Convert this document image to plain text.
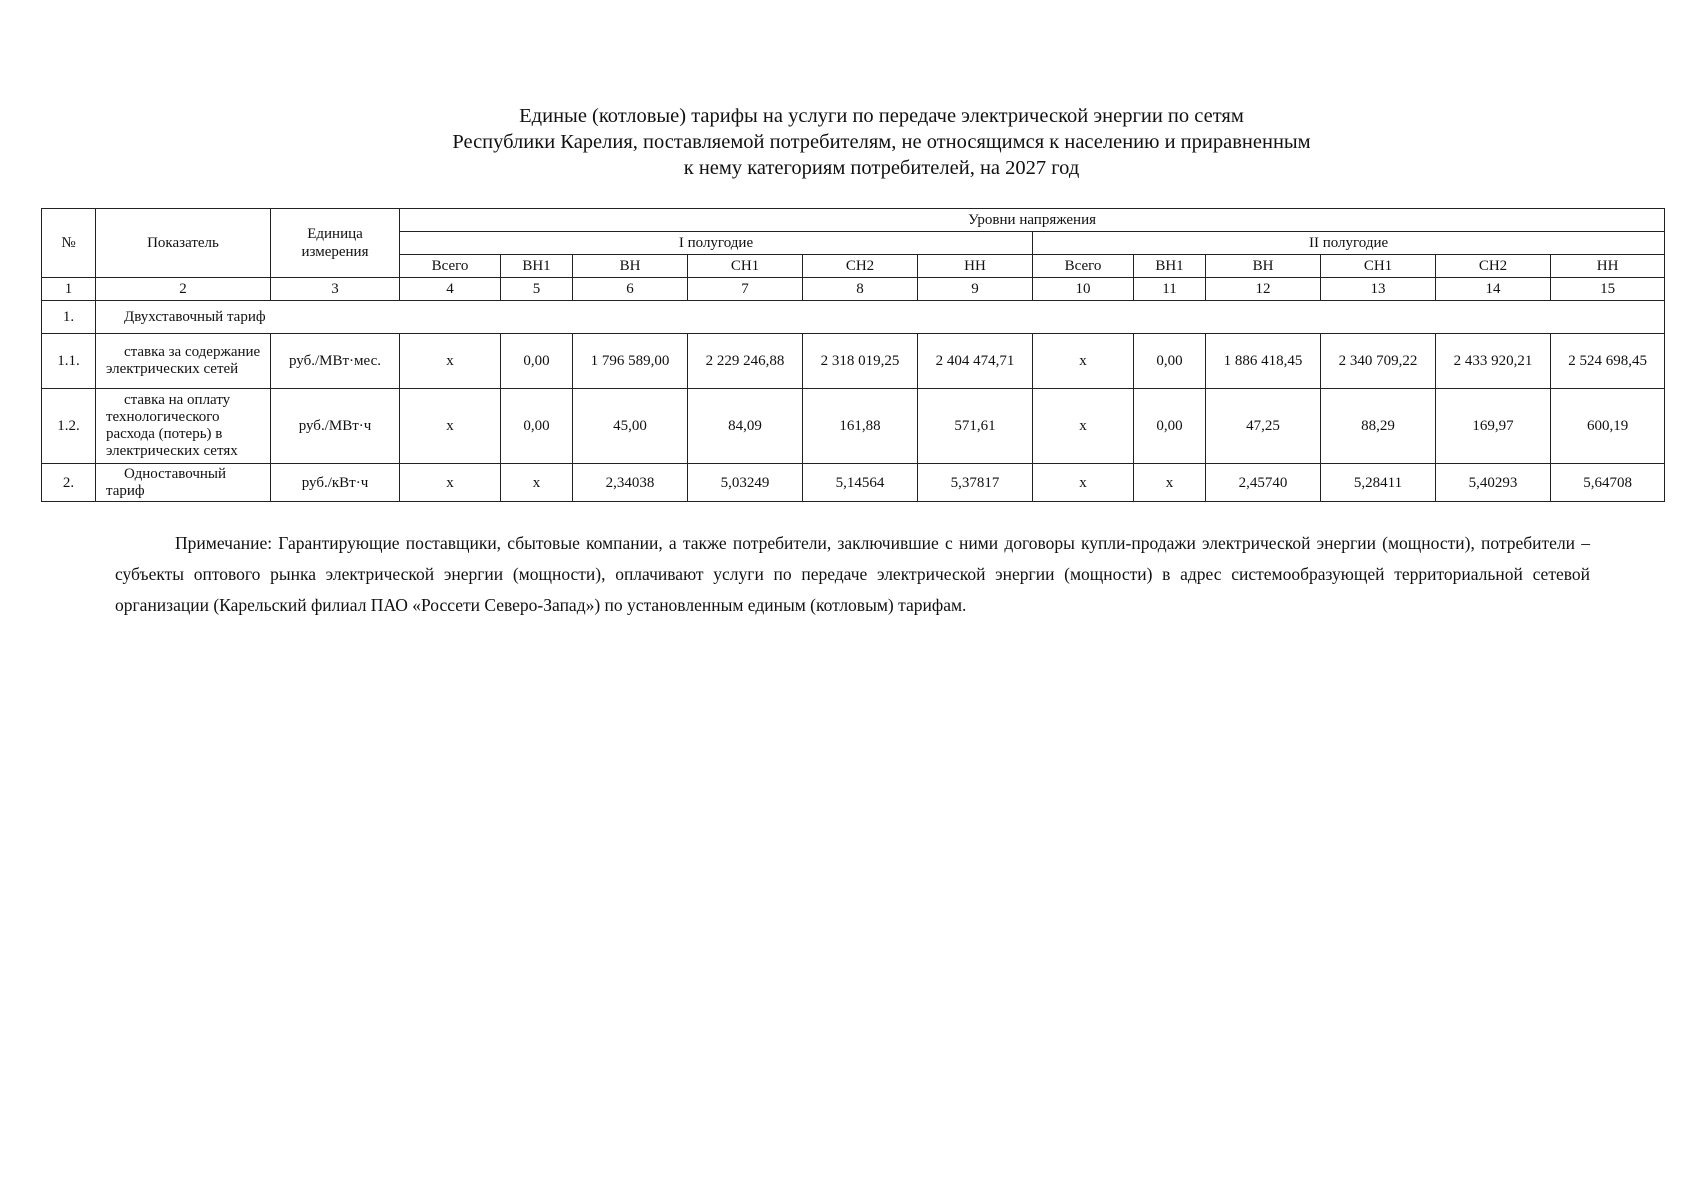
Единые (котловые) тарифы на услуги по передаче электрической энергии по сетям
Республики Карелия, поставляемой потребителям, не относящимся к населению и приравненным
к нему категориям потребителей, на 2027 год
№	Показатель	Единица измерения	Уровни напряжения											
			I полугодие						II полугодие					
			Всего	ВН1	ВН	СН1	СН2	НН	Всего	ВН1	ВН	СН1	СН2	НН
1	2	3	4	5	6	7	8	9	10	11	12	13	14	15
1.	Двухставочный тариф													
1.1.	ставка за содержание электрических сетей	руб./МВт·мес.	х	0,00	1 796 589,00	2 229 246,88	2 318 019,25	2 404 474,71	х	0,00	1 886 418,45	2 340 709,22	2 433 920,21	2 524 698,45
1.2.	ставка на оплату технологического расхода (потерь) в электрических сетях	руб./МВт·ч	х	0,00	45,00	84,09	161,88	571,61	х	0,00	47,25	88,29	169,97	600,19
2.	Одноставочный тариф	руб./кВт·ч	х	х	2,34038	5,03249	5,14564	5,37817	х	х	2,45740	5,28411	5,40293	5,64708
Примечание: Гарантирующие поставщики, сбытовые компании, а также потребители, заключившие с ними договоры купли-продажи электрической энергии (мощности), потребители – субъекты оптового рынка электрической энергии (мощности), оплачивают услуги по передаче электрической энергии (мощности) в адрес системообразующей территориальной сетевой организации (Карельский филиал ПАО «Россети Северо-Запад») по установленным единым (котловым) тарифам.
